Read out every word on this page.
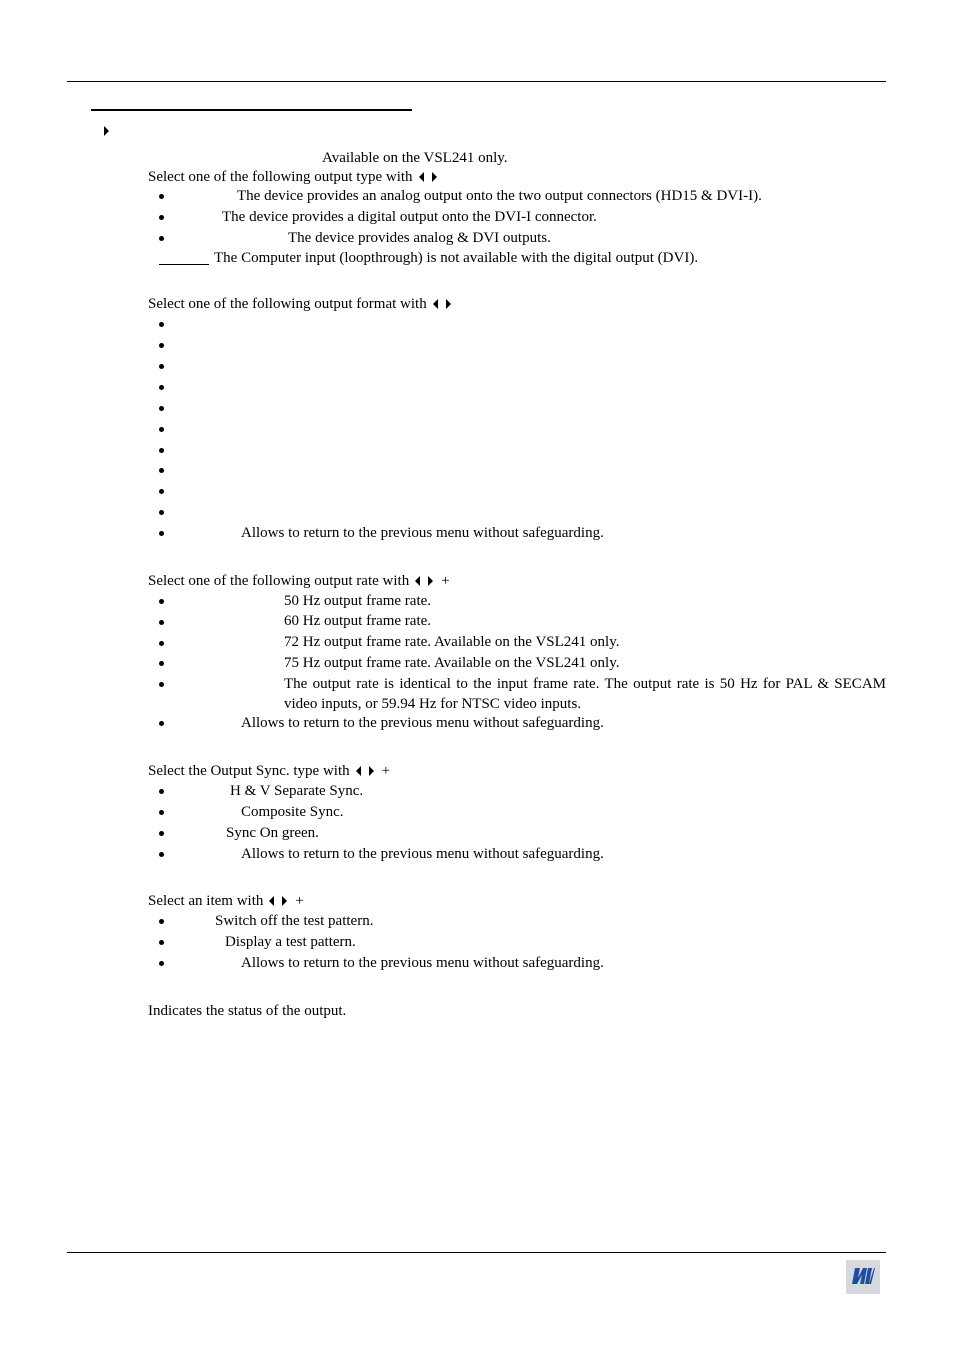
Available on the VSL241 only.
Select one of the following output type with
The device provides an analog output onto the two output connectors (HD15 & DVI-I).
The device provides a digital output onto the DVI-I connector.
The device provides analog & DVI outputs.
The Computer input (loopthrough) is not available with the digital output (DVI).
Select one of the following output format with
Allows to return to the previous menu without safeguarding.
Select one of the following output rate with +
50 Hz output frame rate.
60 Hz output frame rate.
72 Hz output frame rate. Available on the VSL241 only.
75 Hz output frame rate. Available on the VSL241 only.
The output rate is identical to the input frame rate. The output rate is 50 Hz for PAL & SECAM video inputs, or 59.94 Hz for NTSC video inputs.
Allows to return to the previous menu without safeguarding.
Select the Output Sync. type with +
H & V Separate Sync.
Composite Sync.
Sync On green.
Allows to return to the previous menu without safeguarding.
Select an item with +
Switch off the test pattern.
Display a test pattern.
Allows to return to the previous menu without safeguarding.
Indicates the status of the output.
